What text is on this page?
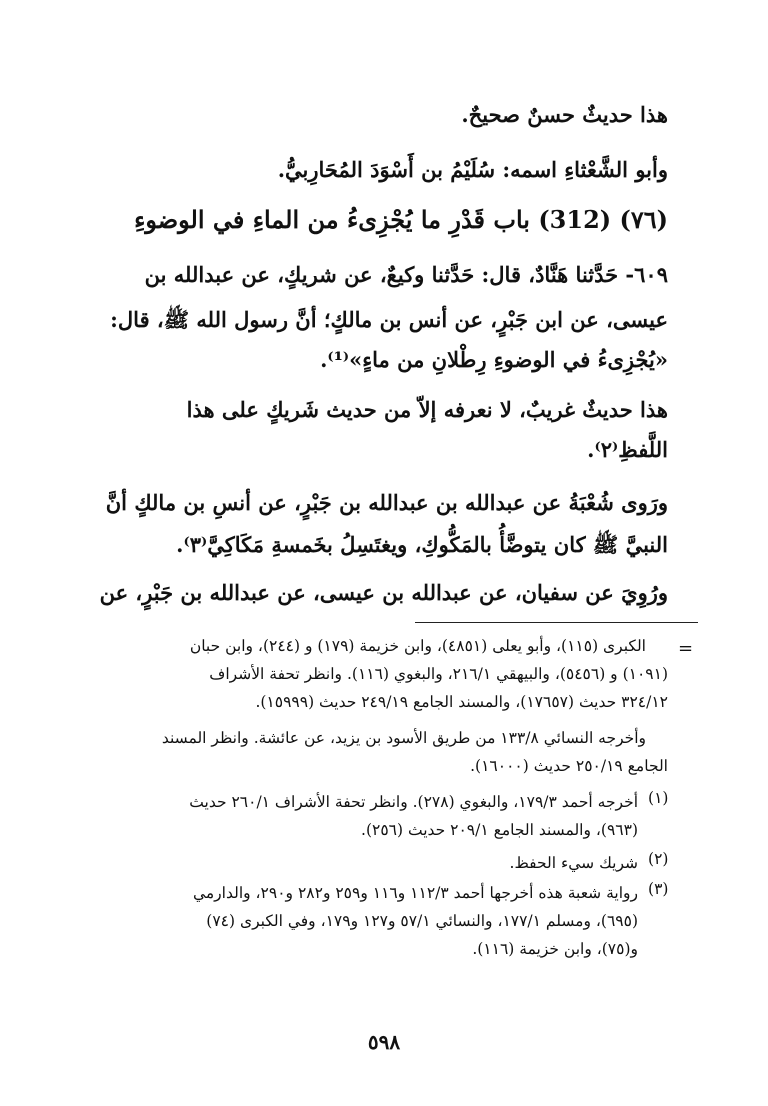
هذا حديثٌ حسنٌ صحيحٌ.
وأبو الشَّعْثاءِ اسمه: سُلَيْمُ بن أَسْوَدَ المُحَارِبيُّ.
(٧٦) (312) باب قَدْرِ ما يُجْزِىءُ من الماءِ في الوضوءِ
٦٠٩- حَدَّثنا هَنَّادٌ، قال: حَدَّثنا وكيعٌ، عن شريكٍ، عن عبدالله بن
عيسى، عن ابن جَبْرٍ، عن أنس بن مالكٍ؛ أنَّ رسول الله ﷺ، قال:
«يُجْزِىءُ في الوضوءِ رِطْلانِ من ماءٍ»⁽¹⁾.
هذا حديثٌ غريبٌ، لا نعرفه إلاّ من حديث شَريكٍ على هذا
اللَّفظِ⁽٢⁾.
ورَوى شُعْبَةُ عن عبدالله بن عبدالله بن جَبْرٍ، عن أنسِ بن مالكٍ أنَّ
النبيَّ ﷺ كان يتوضَّأُ بالمَكُّوكِ، ويغتَسِلُ بخَمسةِ مَكَاكِيَّ⁽٣⁾.
ورُوِيَ عن سفيان، عن عبدالله بن عيسى، عن عبدالله بن جَبْرٍ، عن
=
الكبرى (١١٥)، وأبو يعلى (٤٨٥١)، وابن خزيمة (١٧٩) و (٢٤٤)، وابن حبان
(١٠٩١) و (٥٤٥٦)، والبيهقي ٢١٦/١، والبغوي (١١٦). وانظر تحفة الأشراف
٣٢٤/١٢ حديث (١٧٦٥٧)، والمسند الجامع ٢٤٩/١٩ حديث (١٥٩٩٩).
وأخرجه النسائي ١٣٣/٨ من طريق الأسود بن يزيد، عن عائشة. وانظر المسند
الجامع ٢٥٠/١٩ حديث (١٦٠٠٠).
(١)
أخرجه أحمد ١٧٩/٣، والبغوي (٢٧٨). وانظر تحفة الأشراف ٢٦٠/١ حديث
(٩٦٣)، والمسند الجامع ٢٠٩/١ حديث (٢٥٦).
(٢)
شريك سيء الحفظ.
(٣)
رواية شعبة هذه أخرجها أحمد ١١٢/٣ و١١٦ و٢٥٩ و٢٨٢ و٢٩٠، والدارمي
(٦٩٥)، ومسلم ١٧٧/١، والنسائي ٥٧/١ و١٢٧ و١٧٩، وفي الكبرى (٧٤)
و(٧٥)، وابن خزيمة (١١٦).
٥٩٨
